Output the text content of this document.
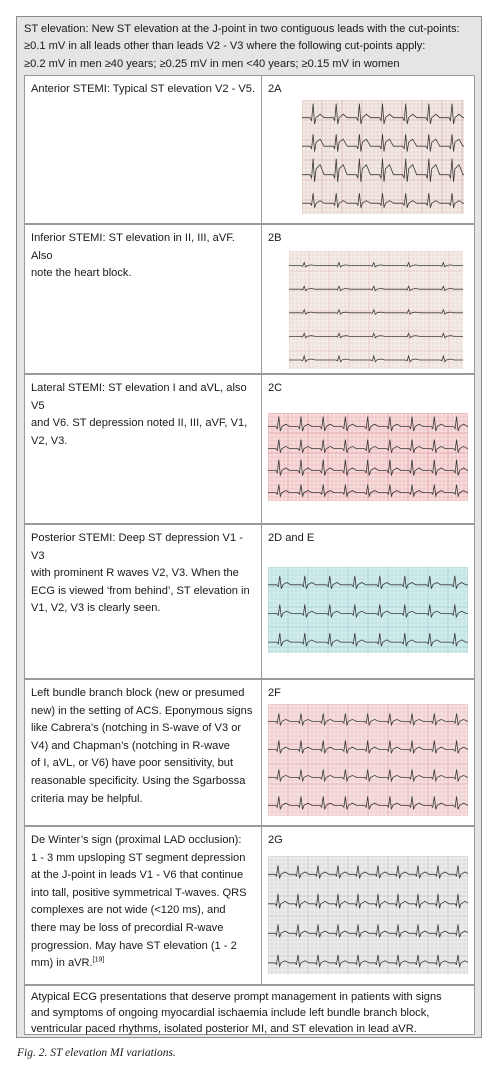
ST elevation: New ST elevation at the J-point in two contiguous leads with the cut-points:
≥0.1 mV in all leads other than leads V2 - V3 where the following cut-points apply:
≥0.2 mV in men ≥40 years; ≥0.25 mV in men <40 years; ≥0.15 mV in women
Anterior STEMI: Typical ST elevation V2 - V5. 2A
Inferior STEMI: ST elevation in II, III, aVF. Also
note the heart block.
2B
Lateral STEMI: ST elevation I and aVL, also V5
and V6. ST depression noted II, III, aVF, V1,
V2, V3.
2C
Posterior STEMI: Deep ST depression V1 - V3
with prominent R waves V2, V3. When the
ECG is viewed ‘from behind’, ST elevation in
V1, V2, V3 is clearly seen.
2D and E
Left bundle branch block (new or presumed
new) in the setting of ACS. Eponymous signs
like Cabrera’s (notching in S-wave of V3 or
V4) and Chapman’s (notching in R-wave
of I, aVL, or V6) have poor sensitivity, but
reasonable specificity. Using the Sgarbossa
criteria may be helpful.
2F
De Winter’s sign (proximal LAD occlusion):
1 - 3 mm upsloping ST segment depression
at the J-point in leads V1 - V6 that continue
into tall, positive symmetrical T-waves. QRS
complexes are not wide (<120 ms), and
there may be loss of precordial R-wave
progression. May have ST elevation (1 - 2
mm) in aVR.[19]
2G
Atypical ECG presentations that deserve prompt management in patients with signs
and symptoms of ongoing myocardial ischaemia include left bundle branch block,
ventricular paced rhythms, isolated posterior MI, and ST elevation in lead aVR.
Fig. 2. ST elevation MI variations.
